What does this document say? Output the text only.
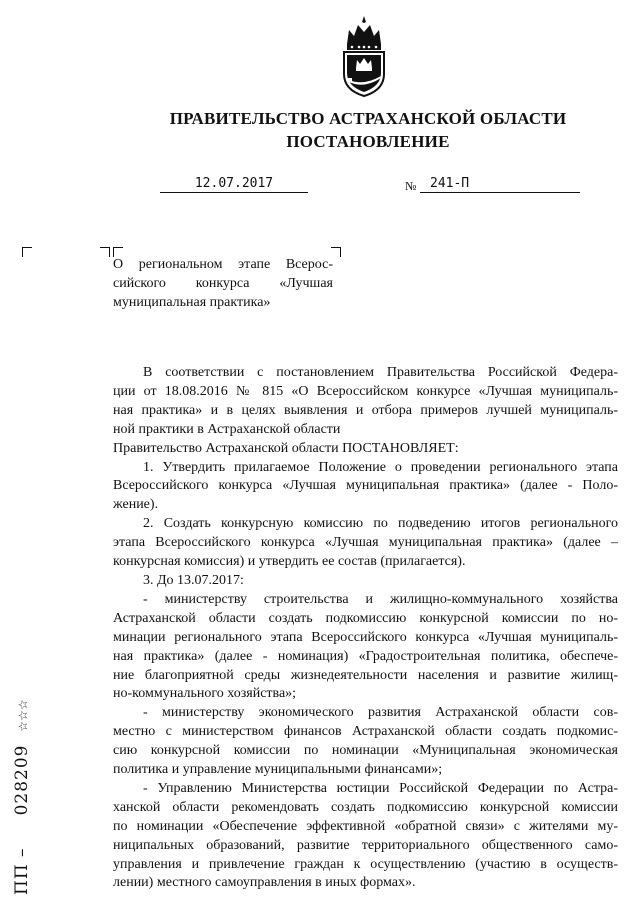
ПРАВИТЕЛЬСТВО АСТРАХАНСКОЙ ОБЛАСТИ
ПОСТАНОВЛЕНИЕ
12.07.2017	№	241-П
О региональном этапе Всерос-
сийского конкурса «Лучшая
муниципальная практика»
В соответствии с постановлением Правительства Российской Федера-
ции от 18.08.2016 № 815 «О Всероссийском конкурсе «Лучшая муниципаль-
ная практика» и в целях выявления и отбора примеров лучшей муниципаль-
ной практики в Астраханской области
Правительство Астраханской области ПОСТАНОВЛЯЕТ:
1. Утвердить прилагаемое Положение о проведении регионального этапа
Всероссийского конкурса «Лучшая муниципальная практика» (далее - Поло-
жение).
2. Создать конкурсную комиссию по подведению итогов регионального
этапа Всероссийского конкурса «Лучшая муниципальная практика» (далее –
конкурсная комиссия) и утвердить ее состав (прилагается).
3. До 13.07.2017:
- министерству строительства и жилищно-коммунального хозяйства
Астраханской области создать подкомиссию конкурсной комиссии по но-
минации регионального этапа Всероссийского конкурса «Лучшая муниципаль-
ная практика» (далее - номинация) «Градостроительная политика, обеспече-
ние благоприятной среды жизнедеятельности населения и развитие жилищ-
но-коммунального хозяйства»;
- министерству экономического развития Астраханской области сов-
местно с министерством финансов Астраханской области создать подкомис-
сию конкурсной комиссии по номинации «Муниципальная экономическая
политика и управление муниципальными финансами»;
- Управлению Министерства юстиции Российской Федерации по Астра-
ханской области рекомендовать создать подкомиссию конкурсной комиссии
по номинации «Обеспечение эффективной «обратной связи» с жителями му-
ниципальных образований, развитие территориального общественного само-
управления и привлечение граждан к осуществлению (участию в осуществ-
лении) местного самоуправления в иных формах».
ПП –     028209  ☆☆☆
